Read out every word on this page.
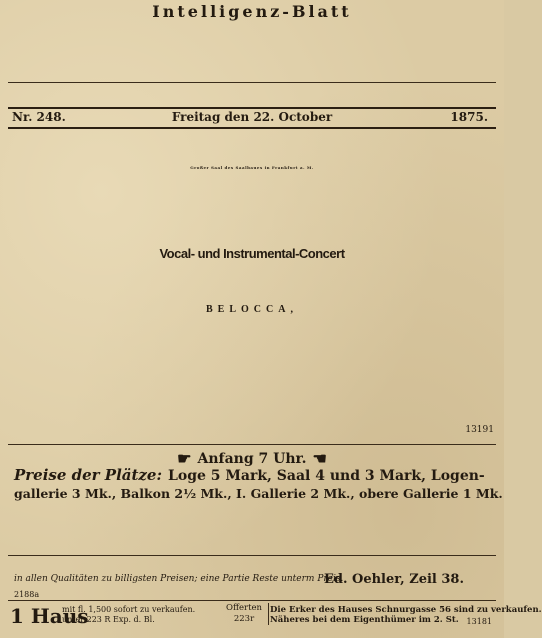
Intelligenz-Blatt
Nr. 248.	Freitag den 22. October	1875.
Großer Saal des Saalbaues in Frankfurt a. M.
Vocal- und Instrumental-Concert
BELOCCA,
13191
☛ Anfang 7 Uhr. ☚
Preise der Plätze: Loge 5 Mark, Saal 4 und 3 Mark, Logen-
gallerie 3 Mk., Balkon 2½ Mk., I. Gallerie 2 Mk., obere Gallerie 1 Mk.
in allen Qualitäten zu billigsten Preisen; eine Partie Reste unterm Preis.
Ed. Oehler, Zeil 38.
2188a
1 Haus
mit fl. 1,500 sofort zu verkaufen.
unter 223 R Exp. d. Bl.
Offerten
223r
Die Erker des Hauses Schnurgasse 56 sind zu verkaufen.
Näheres bei dem Eigenthümer im 2. St. 13181
